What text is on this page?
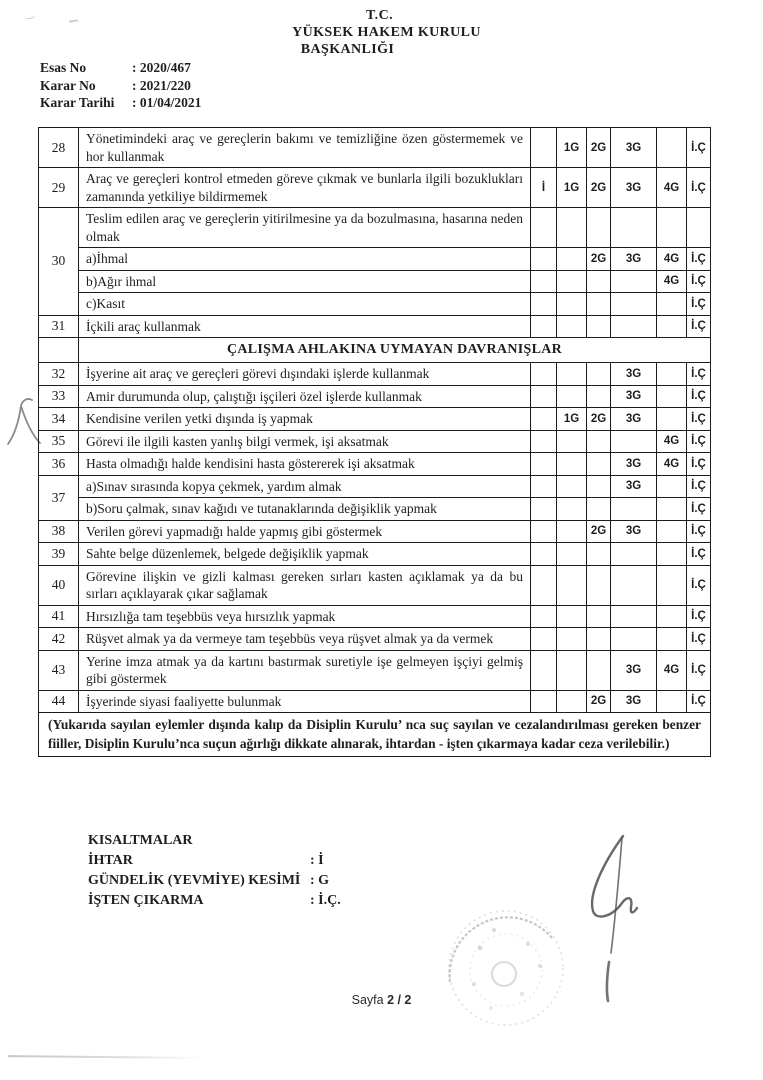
T.C.
YÜKSEK HAKEM KURULU
BAŞKANLIĞI
Esas No	: 2020/467
Karar No	: 2021/220
Karar Tarihi : 01/04/2021
28	Yönetimindeki araç ve gereçlerin bakımı ve temizliğine özen göstermemek ve hor kullanmak		1G	2G	3G		İ.Ç
29	Araç ve gereçleri kontrol etmeden göreve çıkmak ve bunlarla ilgili bozuklukları zamanında yetkiliye bildirmemek	İ	1G	2G	3G	4G	İ.Ç
30	Teslim edilen araç ve gereçlerin yitirilmesine ya da bozulmasına, hasarına neden olmak						
	a)İhmal			2G	3G	4G	İ.Ç
	b)Ağır ihmal					4G	İ.Ç
	c)Kasıt						İ.Ç
31	İçkili araç kullanmak						İ.Ç
	ÇALIŞMA AHLAKINA UYMAYAN DAVRANIŞLAR						
32	İşyerine ait araç ve gereçleri görevi dışındaki işlerde kullanmak				3G		İ.Ç
33	Amir durumunda olup, çalıştığı işçileri özel işlerde kullanmak				3G		İ.Ç
34	Kendisine verilen yetki dışında iş yapmak		1G	2G	3G		İ.Ç
35	Görevi ile ilgili kasten yanlış bilgi vermek, işi aksatmak					4G	İ.Ç
36	Hasta olmadığı halde kendisini hasta göstererek işi aksatmak				3G	4G	İ.Ç
37	a)Sınav sırasında kopya çekmek, yardım almak				3G		İ.Ç
	b)Soru çalmak, sınav kağıdı ve tutanaklarında değişiklik yapmak						İ.Ç
38	Verilen görevi yapmadığı halde yapmış gibi göstermek			2G	3G		İ.Ç
39	Sahte belge düzenlemek, belgede değişiklik yapmak						İ.Ç
40	Görevine ilişkin ve gizli kalması gereken sırları kasten açıklamak ya da bu sırları açıklayarak çıkar sağlamak						İ.Ç
41	Hırsızlığa tam teşebbüs veya hırsızlık yapmak						İ.Ç
42	Rüşvet almak ya da vermeye tam teşebbüs veya rüşvet almak ya da vermek						İ.Ç
43	Yerine imza atmak ya da kartını bastırmak suretiyle işe gelmeyen işçiyi gelmiş gibi göstermek				3G	4G	İ.Ç
44	İşyerinde siyasi faaliyette bulunmak			2G	3G		İ.Ç
(Yukarıda sayılan eylemler dışında kalıp da Disiplin Kurulu’ nca suç sayılan ve cezalandırılması gereken benzer fiiller, Disiplin Kurulu’nca suçun ağırlığı dikkate alınarak, ihtardan - işten çıkarmaya kadar ceza verilebilir.)							
KISALTMALAR
İHTAR	: İ
GÜNDELİK (YEVMİYE) KESİMİ : G
İŞTEN ÇIKARMA	: İ.Ç.
Sayfa 2 / 2
